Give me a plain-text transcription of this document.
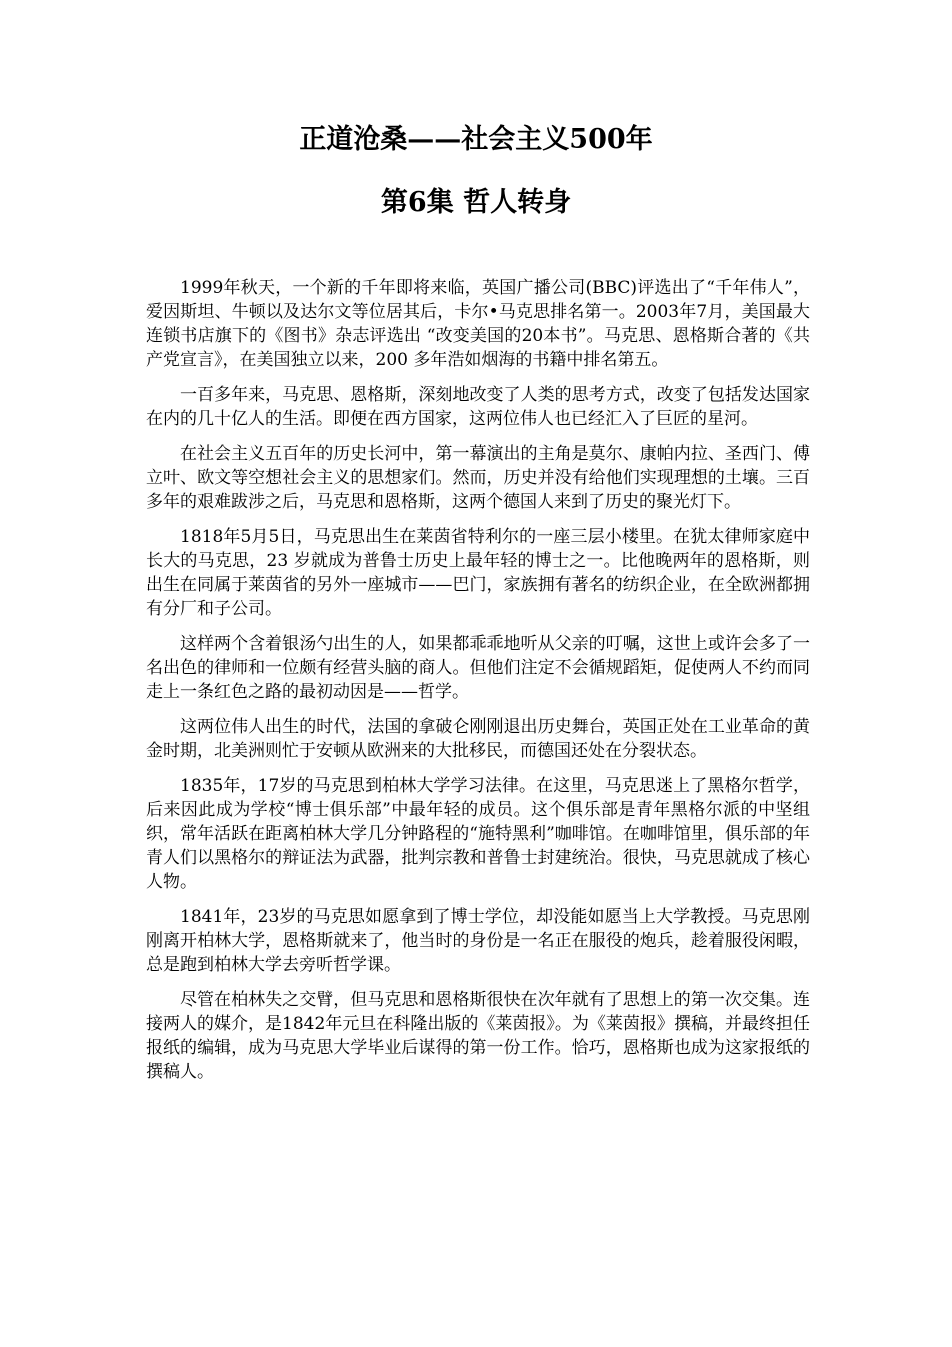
正道沧桑——社会主义500年
第6集 哲人转身

1999年秋天，一个新的千年即将来临，英国广播公司(BBC)评选出了“千年伟人”，爱因斯坦、牛顿以及达尔文等位居其后，卡尔•马克思排名第一。2003年7月，美国最大连锁书店旗下的《图书》杂志评选出 “改变美国的20本书”。马克思、恩格斯合著的《共产党宣言》，在美国独立以来，200 多年浩如烟海的书籍中排名第五。

一百多年来，马克思、恩格斯，深刻地改变了人类的思考方式，改变了包括发达国家在内的几十亿人的生活。即便在西方国家，这两位伟人也已经汇入了巨匠的星河。

在社会主义五百年的历史长河中，第一幕演出的主角是莫尔、康帕内拉、圣西门、傅立叶、欧文等空想社会主义的思想家们。然而，历史并没有给他们实现理想的土壤。三百多年的艰难跋涉之后，马克思和恩格斯，这两个德国人来到了历史的聚光灯下。

1818年5月5日，马克思出生在莱茵省特利尔的一座三层小楼里。在犹太律师家庭中长大的马克思，23 岁就成为普鲁士历史上最年轻的博士之一。比他晚两年的恩格斯，则出生在同属于莱茵省的另外一座城市——巴门，家族拥有著名的纺织企业，在全欧洲都拥有分厂和子公司。

这样两个含着银汤勺出生的人，如果都乖乖地听从父亲的叮嘱，这世上或许会多了一名出色的律师和一位颇有经营头脑的商人。但他们注定不会循规蹈矩，促使两人不约而同走上一条红色之路的最初动因是——哲学。

这两位伟人出生的时代，法国的拿破仑刚刚退出历史舞台，英国正处在工业革命的黄金时期，北美洲则忙于安顿从欧洲来的大批移民，而德国还处在分裂状态。

1835年，17岁的马克思到柏林大学学习法律。在这里，马克思迷上了黑格尔哲学，后来因此成为学校“博士俱乐部”中最年轻的成员。这个俱乐部是青年黑格尔派的中坚组织，常年活跃在距离柏林大学几分钟路程的“施特黑利”咖啡馆。在咖啡馆里，俱乐部的年青人们以黑格尔的辩证法为武器，批判宗教和普鲁士封建统治。很快，马克思就成了核心人物。

1841年，23岁的马克思如愿拿到了博士学位，却没能如愿当上大学教授。马克思刚刚离开柏林大学，恩格斯就来了，他当时的身份是一名正在服役的炮兵，趁着服役闲暇，总是跑到柏林大学去旁听哲学课。

尽管在柏林失之交臂，但马克思和恩格斯很快在次年就有了思想上的第一次交集。连接两人的媒介，是1842年元旦在科隆出版的《莱茵报》。为《莱茵报》撰稿，并最终担任报纸的编辑，成为马克思大学毕业后谋得的第一份工作。恰巧，恩格斯也成为这家报纸的撰稿人。
